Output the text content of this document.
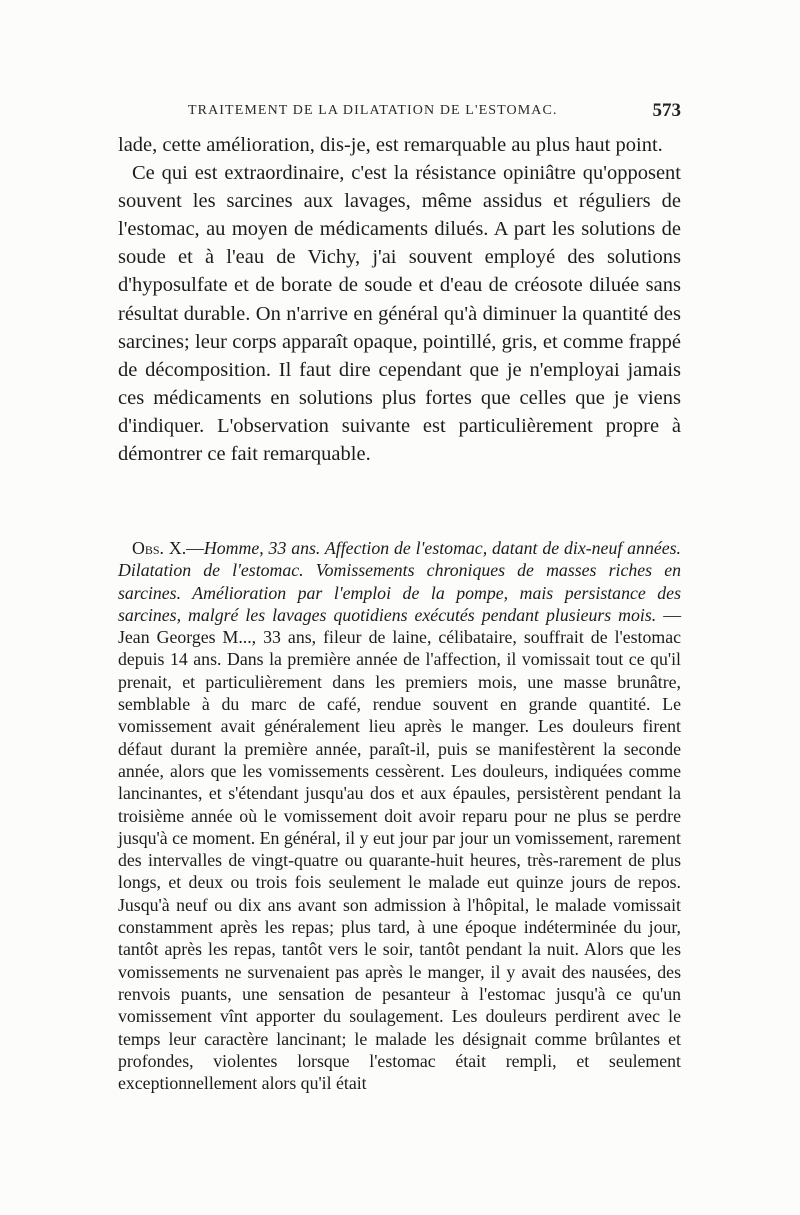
TRAITEMENT DE LA DILATATION DE L'ESTOMAC.	573

lade, cette amélioration, dis-je, est remarquable au plus haut point.

Ce qui est extraordinaire, c'est la résistance opiniâtre qu'opposent souvent les sarcines aux lavages, même assidus et réguliers de l'estomac, au moyen de médicaments dilués. A part les solutions de soude et à l'eau de Vichy, j'ai souvent employé des solutions d'hyposulfate et de borate de soude et d'eau de créosote diluée sans résultat durable. On n'arrive en général qu'à diminuer la quantité des sarcines; leur corps apparaît opaque, pointillé, gris, et comme frappé de décomposition. Il faut dire cependant que je n'employai jamais ces médicaments en solutions plus fortes que celles que je viens d'indiquer. L'observation suivante est particulièrement propre à démontrer ce fait remarquable.

Obs. X.—Homme, 33 ans. Affection de l'estomac, datant de dix-neuf années. Dilatation de l'estomac. Vomissements chroniques de masses riches en sarcines. Amélioration par l'emploi de la pompe, mais persistance des sarcines, malgré les lavages quotidiens exécutés pendant plusieurs mois. — Jean Georges M..., 33 ans, fileur de laine, célibataire, souffrait de l'estomac depuis 14 ans. Dans la première année de l'affection, il vomissait tout ce qu'il prenait, et particulièrement dans les premiers mois, une masse brunâtre, semblable à du marc de café, rendue souvent en grande quantité. Le vomissement avait généralement lieu après le manger. Les douleurs firent défaut durant la première année, paraît-il, puis se manifestèrent la seconde année, alors que les vomissements cessèrent. Les douleurs, indiquées comme lancinantes, et s'étendant jusqu'au dos et aux épaules, persistèrent pendant la troisième année où le vomissement doit avoir reparu pour ne plus se perdre jusqu'à ce moment. En général, il y eut jour par jour un vomissement, rarement des intervalles de vingt-quatre ou quarante-huit heures, très-rarement de plus longs, et deux ou trois fois seulement le malade eut quinze jours de repos. Jusqu'à neuf ou dix ans avant son admission à l'hôpital, le malade vomissait constamment après les repas; plus tard, à une époque indéterminée du jour, tantôt après les repas, tantôt vers le soir, tantôt pendant la nuit. Alors que les vomissements ne survenaient pas après le manger, il y avait des nausées, des renvois puants, une sensation de pesanteur à l'estomac jusqu'à ce qu'un vomissement vînt apporter du soulagement. Les douleurs perdirent avec le temps leur caractère lancinant; le malade les désignait comme brûlantes et profondes, violentes lorsque l'estomac était rempli, et seulement exceptionnellement alors qu'il était
